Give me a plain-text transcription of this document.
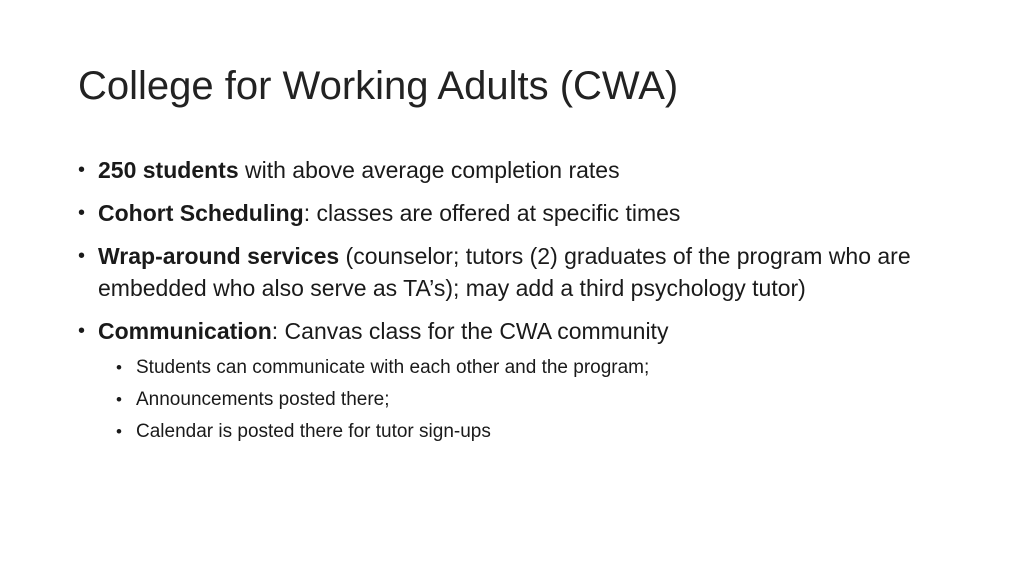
College for Working Adults (CWA)
• 250 students with above average completion rates
• Cohort Scheduling: classes are offered at specific times
• Wrap-around services (counselor; tutors (2) graduates of the program who are embedded who also serve as TA’s); may add a third psychology tutor)
• Communication: Canvas class for the CWA community
• Students can communicate with each other and the program;
• Announcements posted there;
• Calendar is posted there for tutor sign-ups
